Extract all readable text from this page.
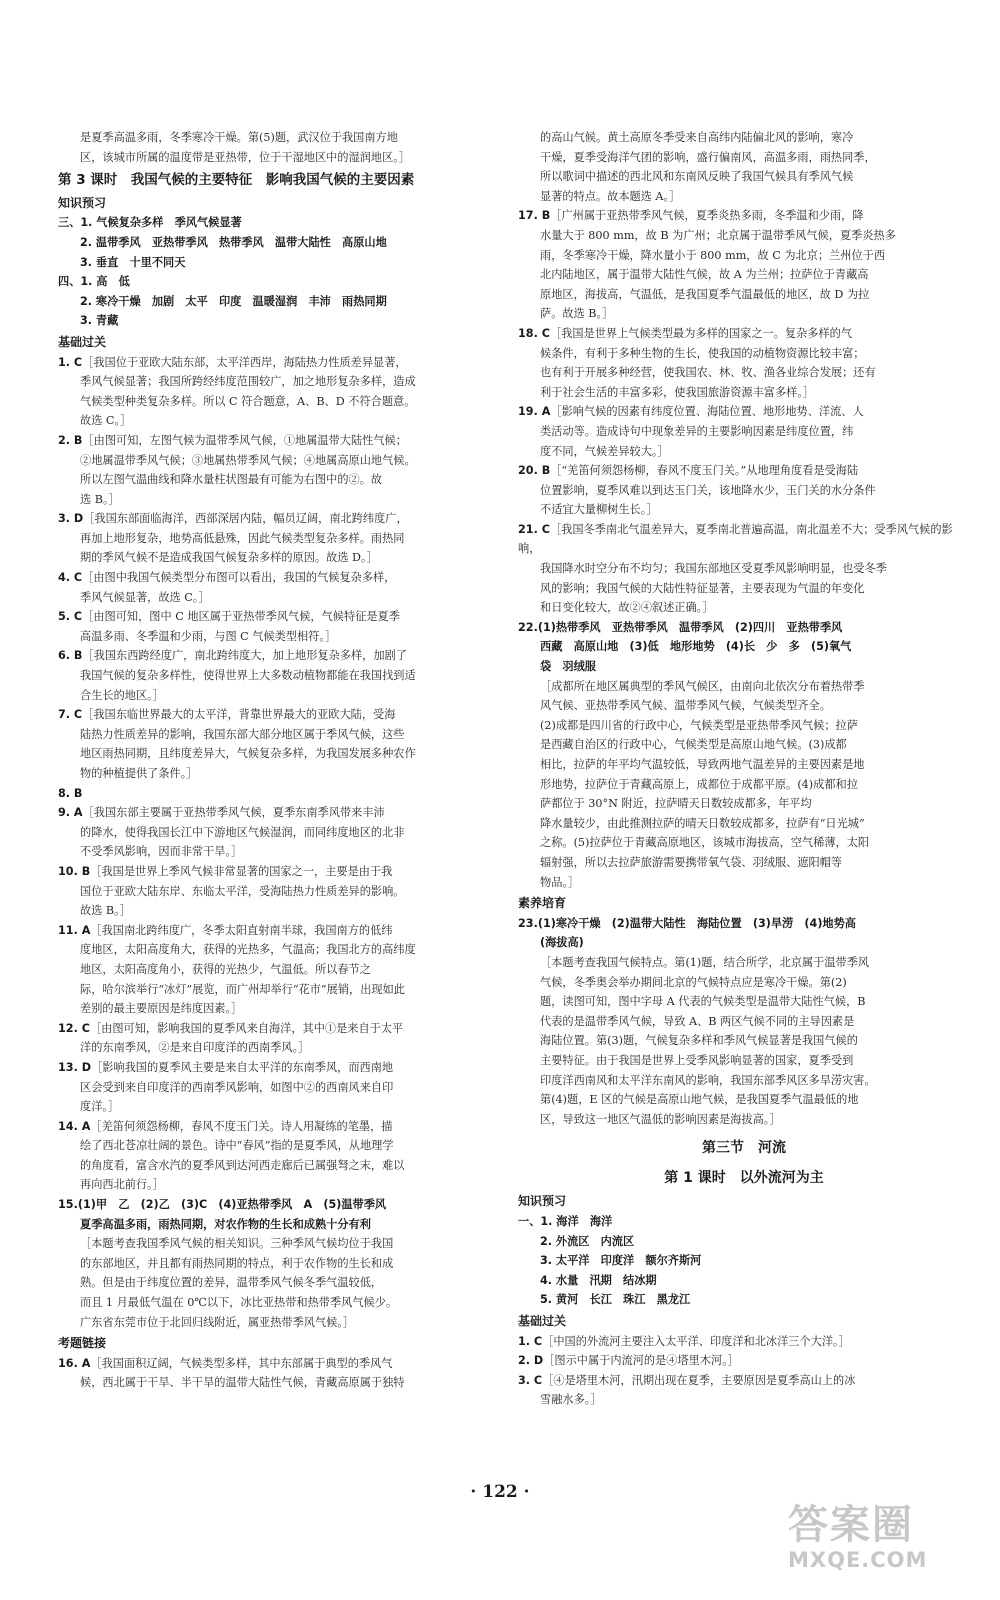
是夏季高温多雨，冬季寒冷干燥。第(5)题，武汉位于我国南方地

区，该城市所属的温度带是亚热带，位于干湿地区中的湿润地区。］

第 3 课时　我国气候的主要特征　影响我国气候的主要因素
知识预习

三、1. 气候复杂多样　季风气候显著

2. 温带季风　亚热带季风　热带季风　温带大陆性　高原山地

3. 垂直　十里不同天

四、1. 高　低

2. 寒冷干燥　加剧　太平　印度　温暖湿润　丰沛　雨热同期

3. 青藏

基础过关

1. C［我国位于亚欧大陆东部，太平洋西岸，海陆热力性质差异显著，

季风气候显著；我国所跨经纬度范围较广，加之地形复杂多样，造成

气候类型种类复杂多样。所以 C 符合题意，A、B、D 不符合题意。

故选 C。］

2. B［由图可知，左图气候为温带季风气候，①地属温带大陆性气候；

②地属温带季风气候；③地属热带季风气候；④地属高原山地气候。

所以左图气温曲线和降水量柱状图最有可能为右图中的②。故

选 B。］

3. D［我国东部面临海洋，西部深居内陆，幅员辽阔，南北跨纬度广，

再加上地形复杂，地势高低悬殊，因此气候类型复杂多样。雨热同

期的季风气候不是造成我国气候复杂多样的原因。故选 D。］

4. C［由图中我国气候类型分布图可以看出，我国的气候复杂多样，

季风气候显著，故选 C。］

5. C［由图可知，图中 C 地区属于亚热带季风气候，气候特征是夏季

高温多雨、冬季温和少雨，与图 C 气候类型相符。］

6. B［我国东西跨经度广，南北跨纬度大，加上地形复杂多样，加剧了

我国气候的复杂多样性，使得世界上大多数动植物都能在我国找到适

合生长的地区。］

7. C［我国东临世界最大的太平洋，背靠世界最大的亚欧大陆，受海

陆热力性质差异的影响，我国东部大部分地区属于季风气候，这些

地区雨热同期，且纬度差异大，气候复杂多样，为我国发展多种农作

物的种植提供了条件。］

8. B

9. A［我国东部主要属于亚热带季风气候，夏季东南季风带来丰沛

的降水，使得我国长江中下游地区气候湿润，而同纬度地区的北非

不受季风影响，因而非常干旱。］

10. B［我国是世界上季风气候非常显著的国家之一，主要是由于我

国位于亚欧大陆东岸、东临太平洋，受海陆热力性质差异的影响。

故选 B。］

11. A［我国南北跨纬度广，冬季太阳直射南半球，我国南方的低纬

度地区，太阳高度角大，获得的光热多，气温高；我国北方的高纬度

地区，太阳高度角小，获得的光热少，气温低。所以春节之

际，哈尔滨举行“冰灯”展览，而广州却举行“花市”展销，出现如此

差别的最主要原因是纬度因素。］

12. C［由图可知，影响我国的夏季风来自海洋，其中①是来自于太平

洋的东南季风，②是来自印度洋的西南季风。］

13. D［影响我国的夏季风主要是来自太平洋的东南季风，而西南地

区会受到来自印度洋的西南季风影响，如图中②的西南风来自印

度洋。］

14. A［羌笛何须怨杨柳，春风不度玉门关。诗人用凝练的笔墨，描

绘了西北苍凉壮阔的景色。诗中“春风”指的是夏季风，从地理学

的角度看，富含水汽的夏季风到达河西走廊后已属强弩之末，难以

再向西北前行。］

15.(1)甲　乙　(2)乙　(3)C　(4)亚热带季风　A　(5)温带季风

夏季高温多雨，雨热同期，对农作物的生长和成熟十分有利

［本题考查我国季风气候的相关知识。三种季风气候均位于我国

的东部地区，并且都有雨热同期的特点，利于农作物的生长和成

熟。但是由于纬度位置的差异，温带季风气候冬季气温较低，

而且 1 月最低气温在 0℃以下，冰比亚热带和热带季风气候少。

广东省东莞市位于北回归线附近，属亚热带季风气候。］

考题链接

16. A［我国面积辽阔，气候类型多样，其中东部属于典型的季风气

候，西北属于干旱、半干旱的温带大陆性气候，青藏高原属于独特

的高山气候。黄土高原冬季受来自高纬内陆偏北风的影响，寒冷

干燥，夏季受海洋气团的影响，盛行偏南风，高温多雨，雨热同季，

所以歌词中描述的西北风和东南风反映了我国气候具有季风气候

显著的特点。故本题选 A。］

17. B［广州属于亚热带季风气候，夏季炎热多雨，冬季温和少雨，降

水量大于 800 mm，故 B 为广州；北京属于温带季风气候，夏季炎热多

雨，冬季寒冷干燥，降水量小于 800 mm，故 C 为北京；兰州位于西

北内陆地区，属于温带大陆性气候，故 A 为兰州；拉萨位于青藏高

原地区，海拔高，气温低，是我国夏季气温最低的地区，故 D 为拉

萨。故选 B。］

18. C［我国是世界上气候类型最为多样的国家之一。复杂多样的气

候条件，有利于多种生物的生长，使我国的动植物资源比较丰富；

也有利于开展多种经营，使我国农、林、牧、渔各业综合发展；还有

利于社会生活的丰富多彩，使我国旅游资源丰富多样。］

19. A［影响气候的因素有纬度位置、海陆位置、地形地势、洋流、人

类活动等。造成诗句中现象差异的主要影响因素是纬度位置，纬

度不同，气候差异较大。］

20. B［“羌笛何须怨杨柳，春风不度玉门关。”从地理角度看是受海陆

位置影响，夏季风难以到达玉门关，该地降水少，玉门关的水分条件

不适宜大量柳树生长。］

21. C［我国冬季南北气温差异大，夏季南北普遍高温，南北温差不大；受季风气候的影响，

我国降水时空分布不均匀；我国东部地区受夏季风影响明显，也受冬季

风的影响；我国气候的大陆性特征显著，主要表现为气温的年变化

和日变化较大，故②④叙述正确。］

22.(1)热带季风　亚热带季风　温带季风　(2)四川　亚热带季风

西藏　高原山地　(3)低　地形地势　(4)长　少　多　(5)氧气

袋　羽绒服

［成都所在地区属典型的季风气候区，由南向北依次分布着热带季

风气候、亚热带季风气候、温带季风气候，气候类型齐全。

(2)成都是四川省的行政中心，气候类型是亚热带季风气候；拉萨

是西藏自治区的行政中心，气候类型是高原山地气候。(3)成都

相比，拉萨的年平均气温较低，导致两地气温差异的主要因素是地

形地势，拉萨位于青藏高原上，成都位于成都平原。(4)成都和拉

萨都位于 30°N 附近，拉萨晴天日数较成都多，年平均

降水量较少，由此推测拉萨的晴天日数较成都多，拉萨有“日光城”

之称。(5)拉萨位于青藏高原地区，该城市海拔高，空气稀薄，太阳

辐射强，所以去拉萨旅游需要携带氧气袋、羽绒服、遮阳帽等

物品。］

素养培育

23.(1)寒冷干燥　(2)温带大陆性　海陆位置　(3)旱涝　(4)地势高

(海拔高)

［本题考查我国气候特点。第(1)题，结合所学，北京属于温带季风

气候，冬季奥会举办期间北京的气候特点应是寒冷干燥。第(2)

题，读图可知，图中字母 A 代表的气候类型是温带大陆性气候，B

代表的是温带季风气候，导致 A、B 两区气候不同的主导因素是

海陆位置。第(3)题，气候复杂多样和季风气候显著是我国气候的

主要特征。由于我国是世界上受季风影响显著的国家，夏季受到

印度洋西南风和太平洋东南风的影响，我国东部季风区多旱涝灾害。

第(4)题，E 区的气候是高原山地气候，是我国夏季气温最低的地

区，导致这一地区气温低的影响因素是海拔高。］

第三节　河流
第 1 课时　以外流河为主
知识预习

一、1. 海洋　海洋

2. 外流区　内流区

3. 太平洋　印度洋　额尔齐斯河

4. 水量　汛期　结冰期

5. 黄河　长江　珠江　黑龙江

基础过关

1. C［中国的外流河主要注入太平洋、印度洋和北冰洋三个大洋。］

2. D［图示中属于内流河的是④塔里木河。］

3. C［④是塔里木河，汛期出现在夏季，主要原因是夏季高山上的冰

雪融水多。］

· 122 ·
答案圈
MXQE.COM
